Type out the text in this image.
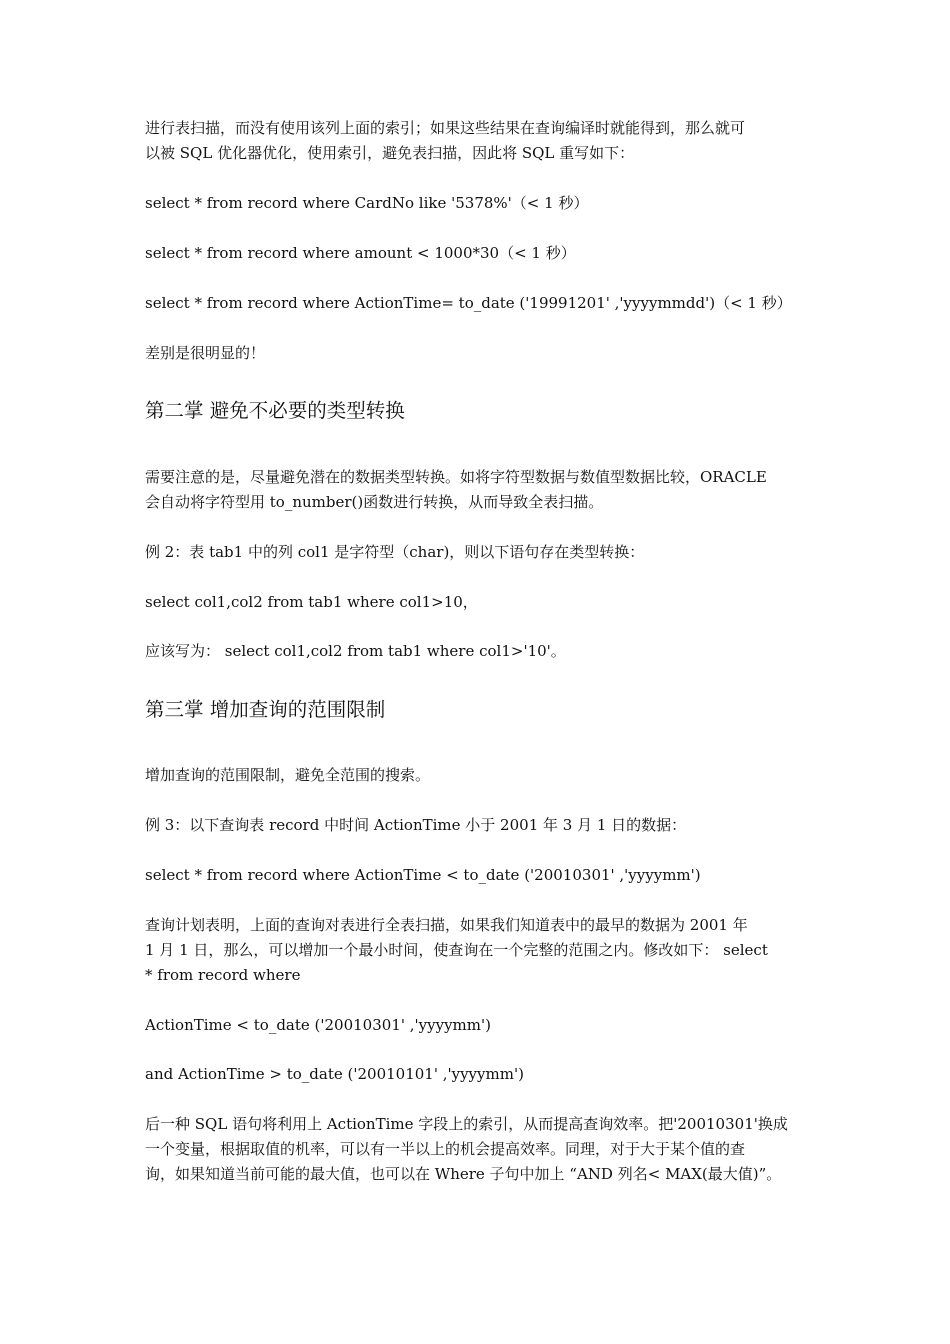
进行表扫描，而没有使用该列上面的索引；如果这些结果在查询编译时就能得到，那么就可
以被 SQL 优化器优化，使用索引，避免表扫描，因此将 SQL 重写如下：
select * from record where CardNo like '5378%'（< 1 秒）
select * from record where amount < 1000*30（< 1 秒）
select * from record where ActionTime= to_date ('19991201' ,'yyyymmdd')（< 1 秒）
差别是很明显的！
第二掌 避免不必要的类型转换
需要注意的是，尽量避免潜在的数据类型转换。如将字符型数据与数值型数据比较，ORACLE
会自动将字符型用 to_number()函数进行转换，从而导致全表扫描。
例 2：表 tab1 中的列 col1 是字符型（char)，则以下语句存在类型转换：
select col1,col2 from tab1 where col1>10，
应该写为： select col1,col2 from tab1 where col1>'10'。
第三掌 增加查询的范围限制
增加查询的范围限制，避免全范围的搜索。
例 3：以下查询表 record 中时间 ActionTime 小于 2001 年 3 月 1 日的数据：
select * from record where ActionTime < to_date ('20010301' ,'yyyymm')
查询计划表明，上面的查询对表进行全表扫描，如果我们知道表中的最早的数据为 2001 年
1 月 1 日，那么，可以增加一个最小时间，使查询在一个完整的范围之内。修改如下： select
* from record where
ActionTime < to_date ('20010301' ,'yyyymm')
and ActionTime > to_date ('20010101' ,'yyyymm')
后一种 SQL 语句将利用上 ActionTime 字段上的索引，从而提高查询效率。把'20010301'换成
一个变量，根据取值的机率，可以有一半以上的机会提高效率。同理，对于大于某个值的查
询，如果知道当前可能的最大值，也可以在 Where 子句中加上 “AND 列名< MAX(最大值)”。
